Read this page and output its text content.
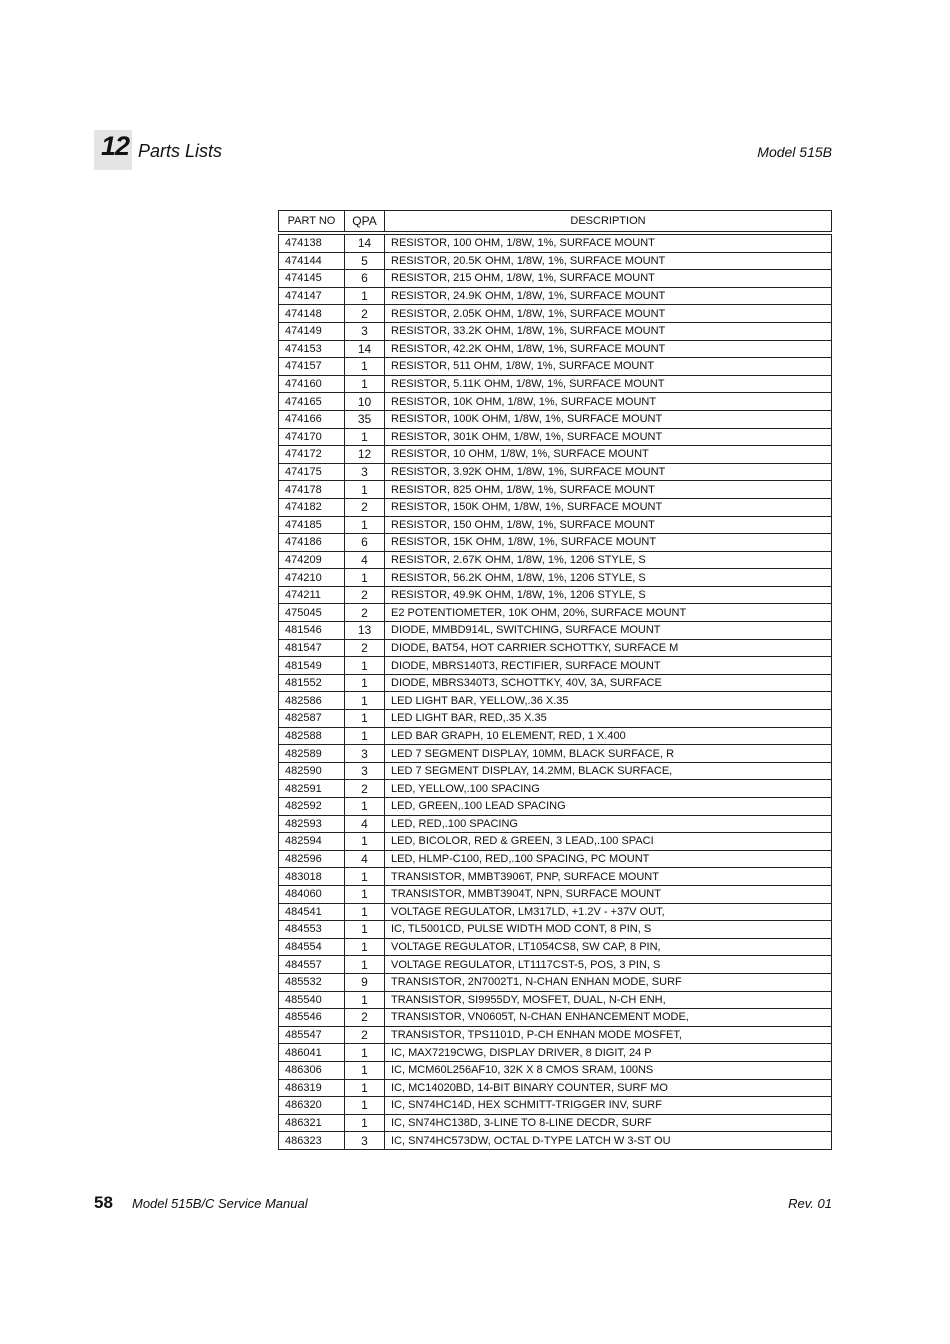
12 Parts Lists	Model 515B
PART NO	QPA	DESCRIPTION
474138	14	RESISTOR, 100 OHM, 1/8W, 1%, SURFACE MOUNT
474144	5	RESISTOR, 20.5K OHM, 1/8W, 1%, SURFACE MOUNT
474145	6	RESISTOR, 215 OHM, 1/8W, 1%, SURFACE MOUNT
474147	1	RESISTOR, 24.9K OHM, 1/8W, 1%, SURFACE MOUNT
474148	2	RESISTOR, 2.05K OHM, 1/8W, 1%, SURFACE MOUNT
474149	3	RESISTOR, 33.2K OHM, 1/8W, 1%, SURFACE MOUNT
474153	14	RESISTOR, 42.2K OHM, 1/8W, 1%, SURFACE MOUNT
474157	1	RESISTOR, 511 OHM, 1/8W, 1%, SURFACE MOUNT
474160	1	RESISTOR, 5.11K OHM, 1/8W, 1%, SURFACE MOUNT
474165	10	RESISTOR, 10K OHM, 1/8W, 1%, SURFACE MOUNT
474166	35	RESISTOR, 100K OHM, 1/8W, 1%, SURFACE MOUNT
474170	1	RESISTOR, 301K OHM, 1/8W, 1%, SURFACE MOUNT
474172	12	RESISTOR, 10 OHM, 1/8W, 1%, SURFACE MOUNT
474175	3	RESISTOR, 3.92K OHM, 1/8W, 1%, SURFACE MOUNT
474178	1	RESISTOR, 825 OHM, 1/8W, 1%, SURFACE MOUNT
474182	2	RESISTOR, 150K OHM, 1/8W, 1%, SURFACE MOUNT
474185	1	RESISTOR, 150 OHM, 1/8W, 1%, SURFACE MOUNT
474186	6	RESISTOR, 15K OHM, 1/8W, 1%, SURFACE MOUNT
474209	4	RESISTOR, 2.67K OHM, 1/8W, 1%, 1206 STYLE, S
474210	1	RESISTOR, 56.2K OHM, 1/8W, 1%, 1206 STYLE, S
474211	2	RESISTOR, 49.9K OHM, 1/8W, 1%, 1206 STYLE, S
475045	2	E2 POTENTIOMETER, 10K OHM, 20%, SURFACE MOUNT
481546	13	DIODE, MMBD914L, SWITCHING, SURFACE MOUNT
481547	2	DIODE, BAT54, HOT CARRIER SCHOTTKY, SURFACE M
481549	1	DIODE, MBRS140T3, RECTIFIER, SURFACE MOUNT
481552	1	DIODE, MBRS340T3, SCHOTTKY, 40V, 3A, SURFACE
482586	1	LED LIGHT BAR, YELLOW,.36 X.35
482587	1	LED LIGHT BAR, RED,.35 X.35
482588	1	LED BAR GRAPH, 10 ELEMENT, RED, 1 X.400
482589	3	LED 7 SEGMENT DISPLAY, 10MM, BLACK SURFACE, R
482590	3	LED 7 SEGMENT DISPLAY, 14.2MM, BLACK SURFACE,
482591	2	LED, YELLOW,.100 SPACING
482592	1	LED, GREEN,.100 LEAD SPACING
482593	4	LED, RED,.100 SPACING
482594	1	LED, BICOLOR, RED & GREEN, 3 LEAD,.100 SPACI
482596	4	LED, HLMP-C100, RED,.100 SPACING, PC MOUNT
483018	1	TRANSISTOR, MMBT3906T, PNP, SURFACE MOUNT
484060	1	TRANSISTOR, MMBT3904T, NPN, SURFACE MOUNT
484541	1	VOLTAGE REGULATOR, LM317LD, +1.2V - +37V OUT,
484553	1	IC, TL5001CD, PULSE WIDTH MOD CONT, 8 PIN, S
484554	1	VOLTAGE REGULATOR, LT1054CS8, SW CAP, 8 PIN,
484557	1	VOLTAGE REGULATOR, LT1117CST-5, POS, 3 PIN, S
485532	9	TRANSISTOR, 2N7002T1, N-CHAN ENHAN MODE, SURF
485540	1	TRANSISTOR, SI9955DY, MOSFET, DUAL, N-CH ENH,
485546	2	TRANSISTOR, VN0605T, N-CHAN ENHANCEMENT MODE,
485547	2	TRANSISTOR, TPS1101D, P-CH ENHAN MODE MOSFET,
486041	1	IC, MAX7219CWG, DISPLAY DRIVER, 8 DIGIT, 24 P
486306	1	IC, MCM60L256AF10, 32K X 8 CMOS SRAM, 100NS
486319	1	IC, MC14020BD, 14-BIT BINARY COUNTER, SURF MO
486320	1	IC, SN74HC14D, HEX SCHMITT-TRIGGER INV, SURF
486321	1	IC, SN74HC138D, 3-LINE TO 8-LINE DECDR, SURF
486323	3	IC, SN74HC573DW, OCTAL D-TYPE LATCH W 3-ST OU
58 Model 515B/C Service Manual	Rev. 01
